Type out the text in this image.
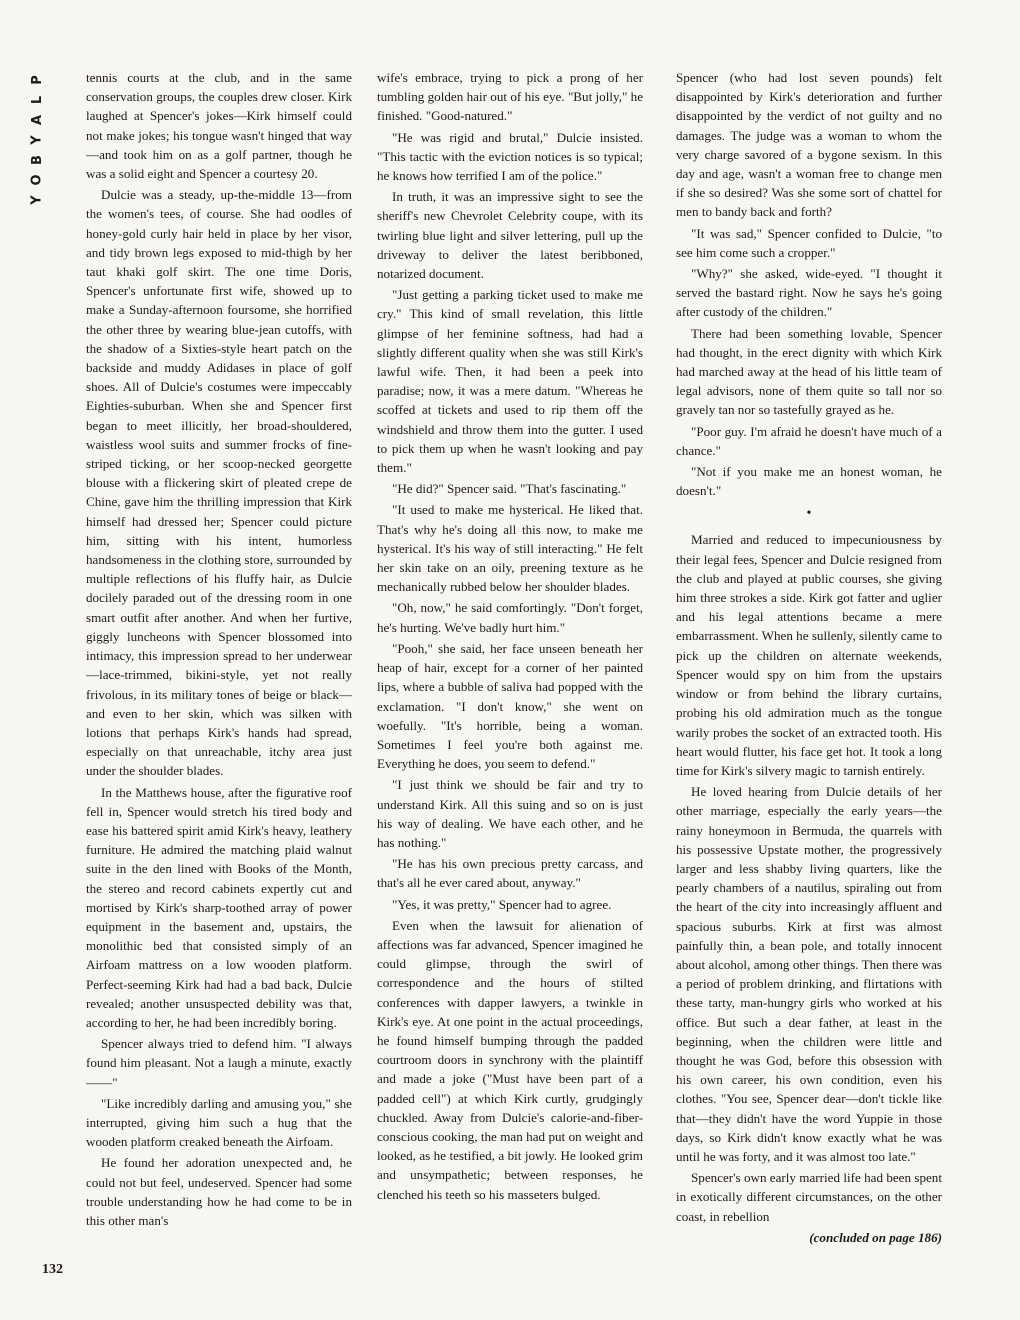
P
L
A
Y
B
O
Y

tennis courts at the club, and in the same conservation groups, the couples drew closer. Kirk laughed at Spencer's jokes—Kirk himself could not make jokes; his tongue wasn't hinged that way—and took him on as a golf partner, though he was a solid eight and Spencer a courtesy 20.

Dulcie was a steady, up-the-middle 13—from the women's tees, of course. She had oodles of honey-gold curly hair held in place by her visor, and tidy brown legs exposed to mid-thigh by her taut khaki golf skirt. The one time Doris, Spencer's unfortunate first wife, showed up to make a Sunday-afternoon foursome, she horrified the other three by wearing blue-jean cutoffs, with the shadow of a Sixties-style heart patch on the backside and muddy Adidases in place of golf shoes. All of Dulcie's costumes were impeccably Eighties-suburban. When she and Spencer first began to meet illicitly, her broad-shouldered, waistless wool suits and summer frocks of fine-striped ticking, or her scoop-necked georgette blouse with a flickering skirt of pleated crepe de Chine, gave him the thrilling impression that Kirk himself had dressed her; Spencer could picture him, sitting with his intent, humorless handsomeness in the clothing store, surrounded by multiple reflections of his fluffy hair, as Dulcie docilely paraded out of the dressing room in one smart outfit after another. And when her furtive, giggly luncheons with Spencer blossomed into intimacy, this impression spread to her underwear—lace-trimmed, bikini-style, yet not really frivolous, in its military tones of beige or black—and even to her skin, which was silken with lotions that perhaps Kirk's hands had spread, especially on that unreachable, itchy area just under the shoulder blades.

In the Matthews house, after the figurative roof fell in, Spencer would stretch his tired body and ease his battered spirit amid Kirk's heavy, leathery furniture. He admired the matching plaid walnut suite in the den lined with Books of the Month, the stereo and record cabinets expertly cut and mortised by Kirk's sharp-toothed array of power equipment in the basement and, upstairs, the monolithic bed that consisted simply of an Airfoam mattress on a low wooden platform. Perfect-seeming Kirk had had a bad back, Dulcie revealed; another unsuspected debility was that, according to her, he had been incredibly boring.

Spencer always tried to defend him. "I always found him pleasant. Not a laugh a minute, exactly——"

"Like incredibly darling and amusing you," she interrupted, giving him such a hug that the wooden platform creaked beneath the Airfoam.

He found her adoration unexpected and, he could not but feel, undeserved. Spencer had some trouble understanding how he had come to be in this other man's

wife's embrace, trying to pick a prong of her tumbling golden hair out of his eye. "But jolly," he finished. "Good-natured."

"He was rigid and brutal," Dulcie insisted. "This tactic with the eviction notices is so typical; he knows how terrified I am of the police."

In truth, it was an impressive sight to see the sheriff's new Chevrolet Celebrity coupe, with its twirling blue light and silver lettering, pull up the driveway to deliver the latest beribboned, notarized document.

"Just getting a parking ticket used to make me cry." This kind of small revelation, this little glimpse of her feminine softness, had had a slightly different quality when she was still Kirk's lawful wife. Then, it had been a peek into paradise; now, it was a mere datum. "Whereas he scoffed at tickets and used to rip them off the windshield and throw them into the gutter. I used to pick them up when he wasn't looking and pay them."

"He did?" Spencer said. "That's fascinating."

"It used to make me hysterical. He liked that. That's why he's doing all this now, to make me hysterical. It's his way of still interacting." He felt her skin take on an oily, preening texture as he mechanically rubbed below her shoulder blades.

"Oh, now," he said comfortingly. "Don't forget, he's hurting. We've badly hurt him."

"Pooh," she said, her face unseen beneath her heap of hair, except for a corner of her painted lips, where a bubble of saliva had popped with the exclamation. "I don't know," she went on woefully. "It's horrible, being a woman. Sometimes I feel you're both against me. Everything he does, you seem to defend."

"I just think we should be fair and try to understand Kirk. All this suing and so on is just his way of dealing. We have each other, and he has nothing."

"He has his own precious pretty carcass, and that's all he ever cared about, anyway."

"Yes, it was pretty," Spencer had to agree.

Even when the lawsuit for alienation of affections was far advanced, Spencer imagined he could glimpse, through the swirl of correspondence and the hours of stilted conferences with dapper lawyers, a twinkle in Kirk's eye. At one point in the actual proceedings, he found himself bumping through the padded courtroom doors in synchrony with the plaintiff and made a joke ("Must have been part of a padded cell") at which Kirk curtly, grudgingly chuckled. Away from Dulcie's calorie-and-fiber-conscious cooking, the man had put on weight and looked, as he testified, a bit jowly. He looked grim and unsympathetic; between responses, he clenched his teeth so his masseters bulged.

Spencer (who had lost seven pounds) felt disappointed by Kirk's deterioration and further disappointed by the verdict of not guilty and no damages. The judge was a woman to whom the very charge savored of a bygone sexism. In this day and age, wasn't a woman free to change men if she so desired? Was she some sort of chattel for men to bandy back and forth?

"It was sad," Spencer confided to Dulcie, "to see him come such a cropper."

"Why?" she asked, wide-eyed. "I thought it served the bastard right. Now he says he's going after custody of the children."

There had been something lovable, Spencer had thought, in the erect dignity with which Kirk had marched away at the head of his little team of legal advisors, none of them quite so tall nor so gravely tan nor so tastefully grayed as he.

"Poor guy. I'm afraid he doesn't have much of a chance."

"Not if you make me an honest woman, he doesn't."

•

Married and reduced to impecuniousness by their legal fees, Spencer and Dulcie resigned from the club and played at public courses, she giving him three strokes a side. Kirk got fatter and uglier and his legal attentions became a mere embarrassment. When he sullenly, silently came to pick up the children on alternate weekends, Spencer would spy on him from the upstairs window or from behind the library curtains, probing his old admiration much as the tongue warily probes the socket of an extracted tooth. His heart would flutter, his face get hot. It took a long time for Kirk's silvery magic to tarnish entirely.

He loved hearing from Dulcie details of her other marriage, especially the early years—the rainy honeymoon in Bermuda, the quarrels with his possessive Upstate mother, the progressively larger and less shabby living quarters, like the pearly chambers of a nautilus, spiraling out from the heart of the city into increasingly affluent and spacious suburbs. Kirk at first was almost painfully thin, a bean pole, and totally innocent about alcohol, among other things. Then there was a period of problem drinking, and flirtations with these tarty, man-hungry girls who worked at his office. But such a dear father, at least in the beginning, when the children were little and thought he was God, before this obsession with his own career, his own condition, even his clothes. "You see, Spencer dear—don't tickle like that—they didn't have the word Yuppie in those days, so Kirk didn't know exactly what he was until he was forty, and it was almost too late."

Spencer's own early married life had been spent in exotically different circumstances, on the other coast, in rebellion

(concluded on page 186)

132
